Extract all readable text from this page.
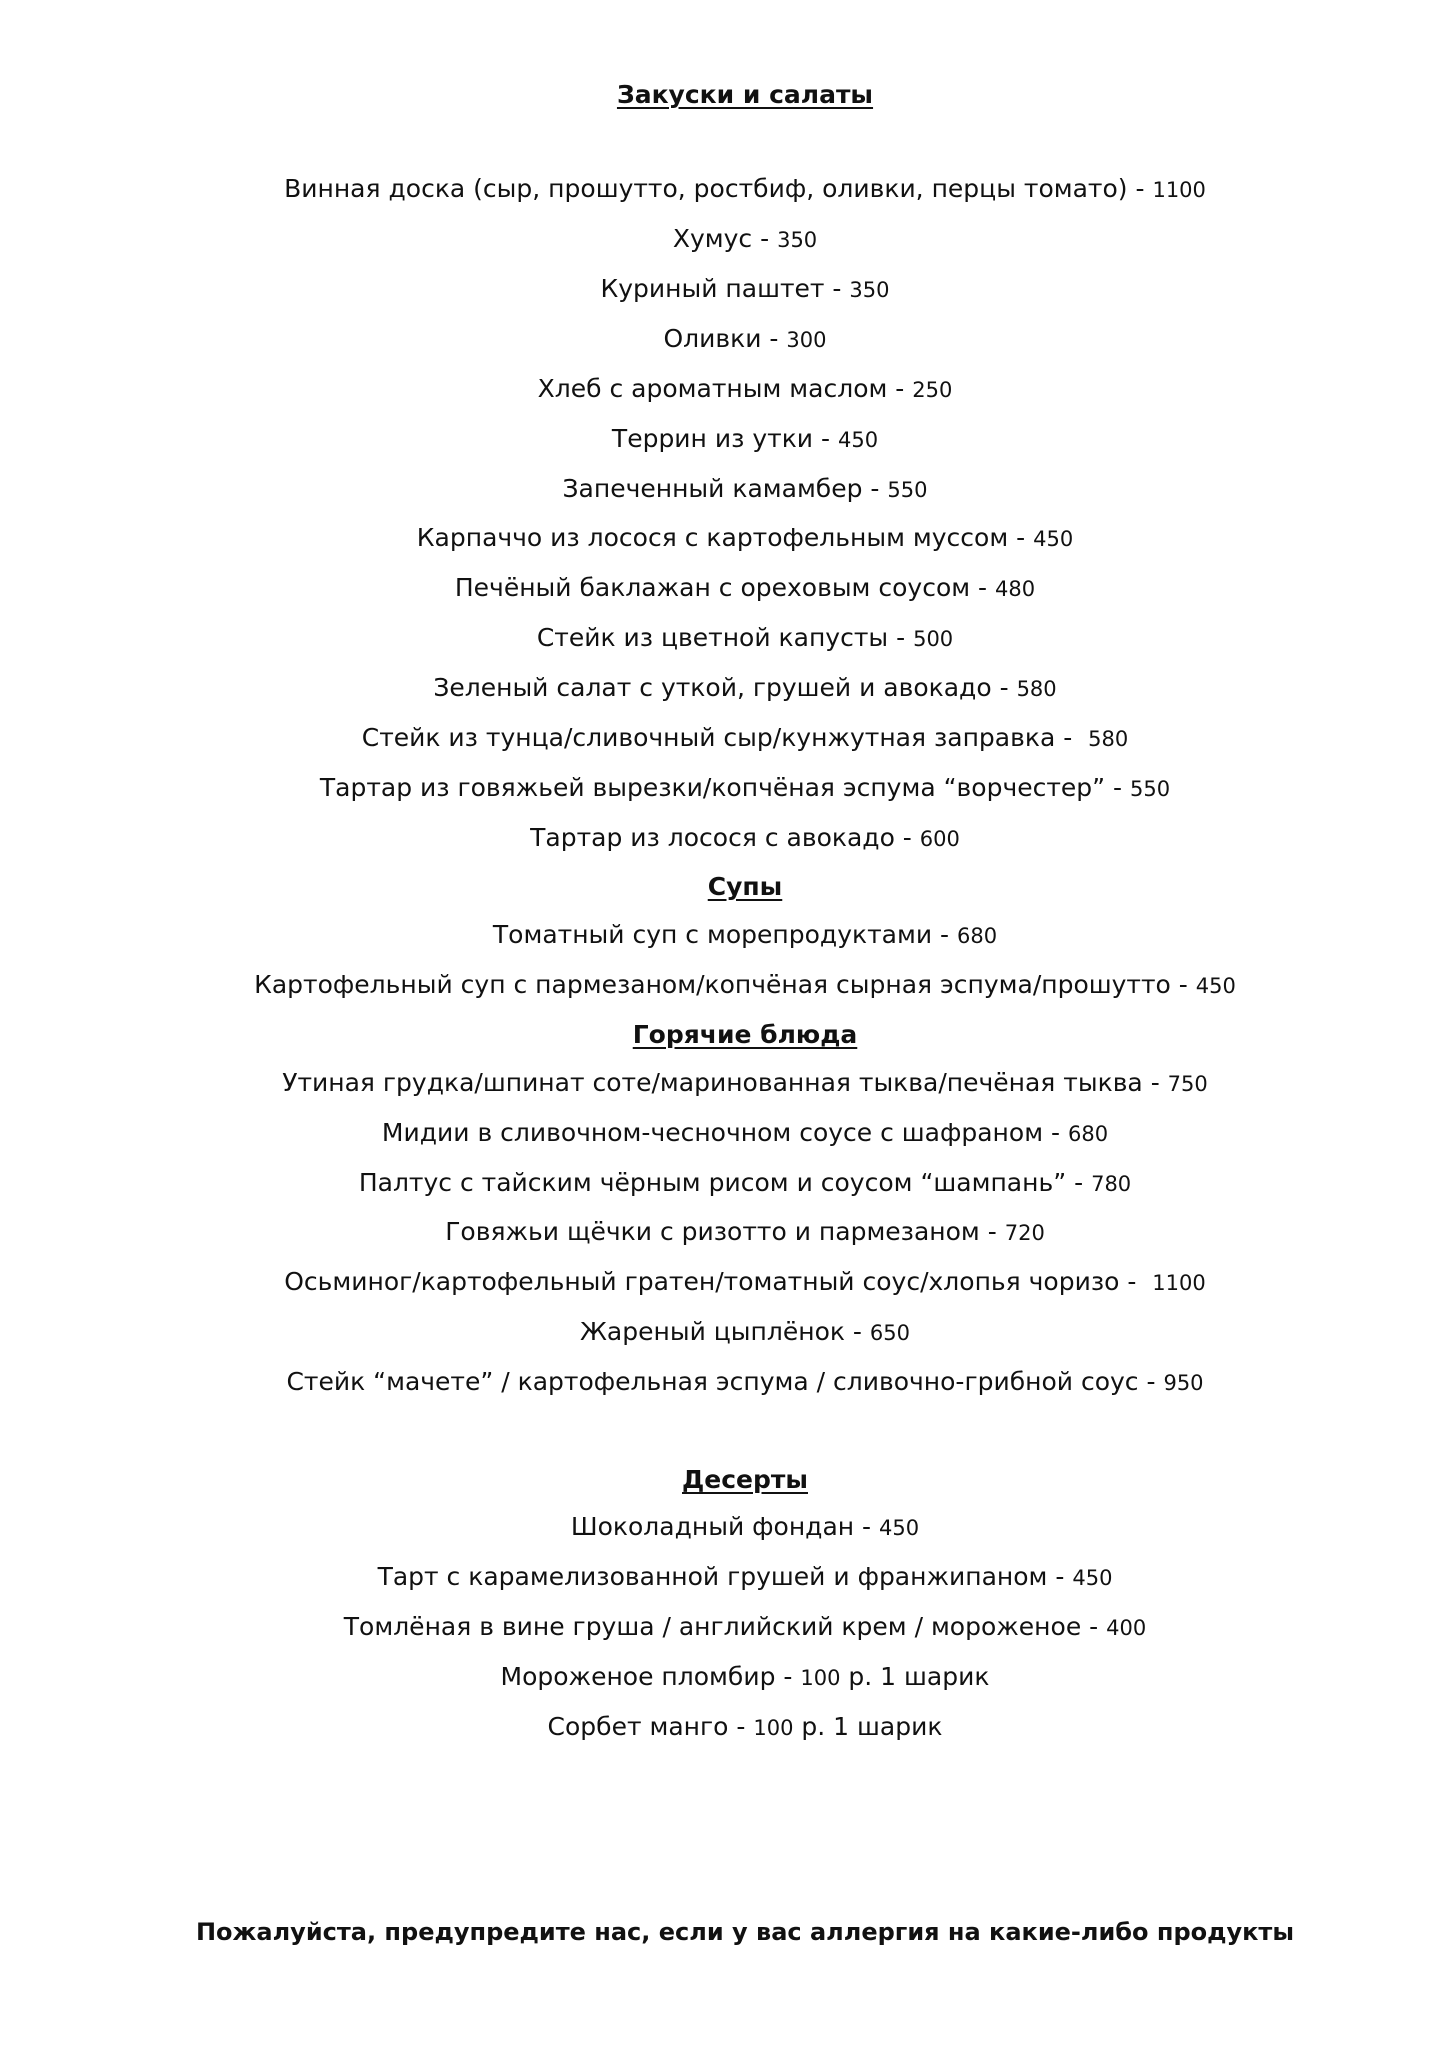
Закуски и салаты
Винная доска (сыр, прошутто, ростбиф, оливки, перцы томато) - 1100
Хумус - 350
Куриный паштет - 350
Оливки - 300
Хлеб с ароматным маслом - 250
Террин из утки - 450
Запеченный камамбер - 550
Карпаччо из лосося с картофельным муссом - 450
Печёный баклажан с ореховым соусом - 480
Стейк из цветной капусты - 500
Зеленый салат с уткой, грушей и авокадо - 580
Стейк из тунца/сливочный сыр/кунжутная заправка - 580
Тартар из говяжьей вырезки/копчёная эспума “ворчестер” - 550
Тартар из лосося с авокадо - 600
Супы
Томатный суп с морепродуктами - 680
Картофельный суп с пармезаном/копчёная сырная эспума/прошутто - 450
Горячие блюда
Утиная грудка/шпинат соте/маринованная тыква/печёная тыква - 750
Мидии в сливочном-чесночном соусе с шафраном - 680
Палтус с тайским чёрным рисом и соусом “шампань” - 780
Говяжьи щёчки с ризотто и пармезаном - 720
Осьминог/картофельный гратен/томатный соус/хлопья чоризо - 1100
Жареный цыплёнок - 650
Стейк “мачете” / картофельная эспума / сливочно-грибной соус - 950
Десерты
Шоколадный фондан - 450
Тарт с карамелизованной грушей и франжипаном - 450
Томлёная в вине груша / английский крем / мороженое - 400
Мороженое пломбир - 100 р. 1 шарик
Сорбет манго - 100 р. 1 шарик
Пожалуйста, предупредите нас, если у вас аллергия на какие-либо продукты
